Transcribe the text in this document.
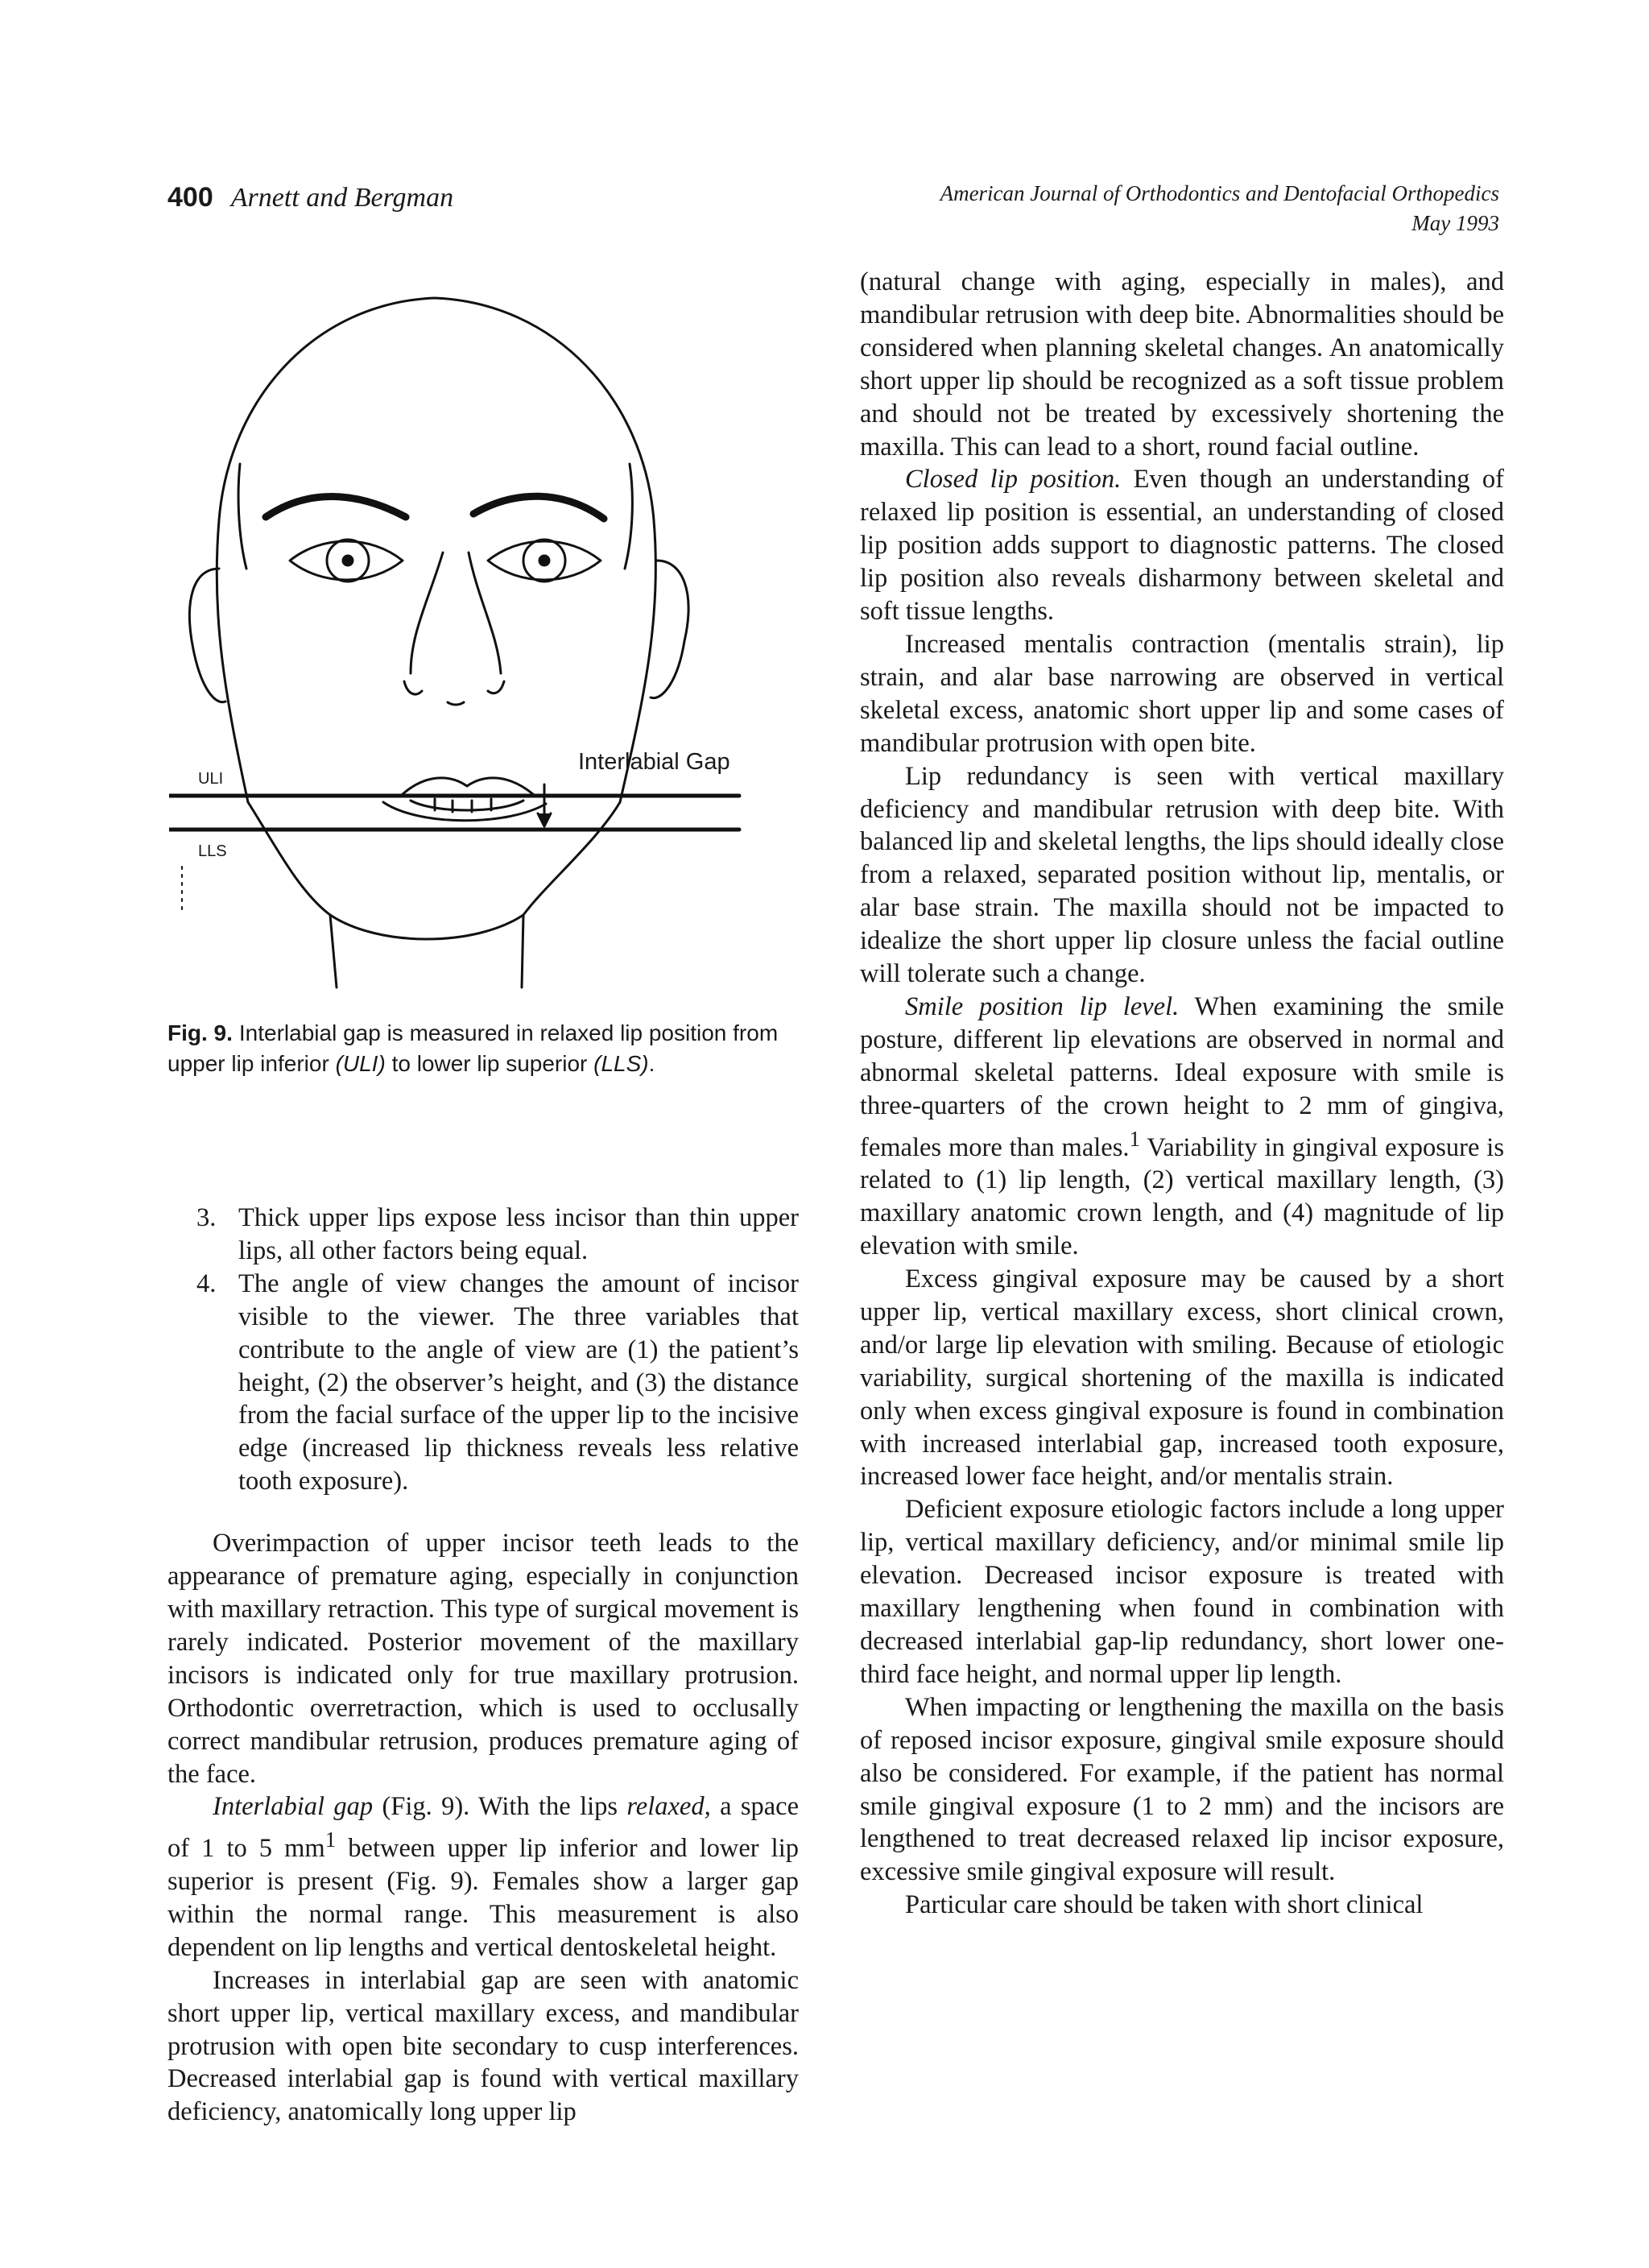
400 Arnett and Bergman	American Journal of Orthodontics and Dentofacial Orthopedics
May 1993
ULI
LLS
Interlabial Gap
Fig. 9. Interlabial gap is measured in relaxed lip position from upper lip inferior (ULI) to lower lip superior (LLS).
3. Thick upper lips expose less incisor than thin upper lips, all other factors being equal.
4. The angle of view changes the amount of incisor visible to the viewer. The three variables that contribute to the angle of view are (1) the patient’s height, (2) the observer’s height, and (3) the distance from the facial surface of the upper lip to the incisive edge (increased lip thickness reveals less relative tooth exposure).

Overimpaction of upper incisor teeth leads to the appearance of premature aging, especially in conjunction with maxillary retraction. This type of surgical movement is rarely indicated. Posterior movement of the maxillary incisors is indicated only for true maxillary protrusion. Orthodontic overretraction, which is used to occlusally correct mandibular retrusion, produces premature aging of the face.

Interlabial gap (Fig. 9). With the lips relaxed, a space of 1 to 5 $mm^1$ between upper lip inferior and lower lip superior is present (Fig. 9). Females show a larger gap within the normal range. This measurement is also dependent on lip lengths and vertical dentoskeletal height.

Increases in interlabial gap are seen with anatomic short upper lip, vertical maxillary excess, and mandibular protrusion with open bite secondary to cusp interferences. Decreased interlabial gap is found with vertical maxillary deficiency, anatomically long upper lip

(natural change with aging, especially in males), and mandibular retrusion with deep bite. Abnormalities should be considered when planning skeletal changes. An anatomically short upper lip should be recognized as a soft tissue problem and should not be treated by excessively shortening the maxilla. This can lead to a short, round facial outline.

Closed lip position. Even though an understanding of relaxed lip position is essential, an understanding of closed lip position adds support to diagnostic patterns. The closed lip position also reveals disharmony between skeletal and soft tissue lengths.

Increased mentalis contraction (mentalis strain), lip strain, and alar base narrowing are observed in vertical skeletal excess, anatomic short upper lip and some cases of mandibular protrusion with open bite.

Lip redundancy is seen with vertical maxillary deficiency and mandibular retrusion with deep bite. With balanced lip and skeletal lengths, the lips should ideally close from a relaxed, separated position without lip, mentalis, or alar base strain. The maxilla should not be impacted to idealize the short upper lip closure unless the facial outline will tolerate such a change.

Smile position lip level. When examining the smile posture, different lip elevations are observed in normal and abnormal skeletal patterns. Ideal exposure with smile is three-quarters of the crown height to 2 mm of gingiva, females more than males.$^1$ Variability in gingival exposure is related to (1) lip length, (2) vertical maxillary length, (3) maxillary anatomic crown length, and (4) magnitude of lip elevation with smile.

Excess gingival exposure may be caused by a short upper lip, vertical maxillary excess, short clinical crown, and/or large lip elevation with smiling. Because of etiologic variability, surgical shortening of the maxilla is indicated only when excess gingival exposure is found in combination with increased interlabial gap, increased tooth exposure, increased lower face height, and/or mentalis strain.

Deficient exposure etiologic factors include a long upper lip, vertical maxillary deficiency, and/or minimal smile lip elevation. Decreased incisor exposure is treated with maxillary lengthening when found in combination with decreased interlabial gap-lip redundancy, short lower one-third face height, and normal upper lip length.

When impacting or lengthening the maxilla on the basis of reposed incisor exposure, gingival smile exposure should also be considered. For example, if the patient has normal smile gingival exposure (1 to 2 mm) and the incisors are lengthened to treat decreased relaxed lip incisor exposure, excessive smile gingival exposure will result.

Particular care should be taken with short clinical
